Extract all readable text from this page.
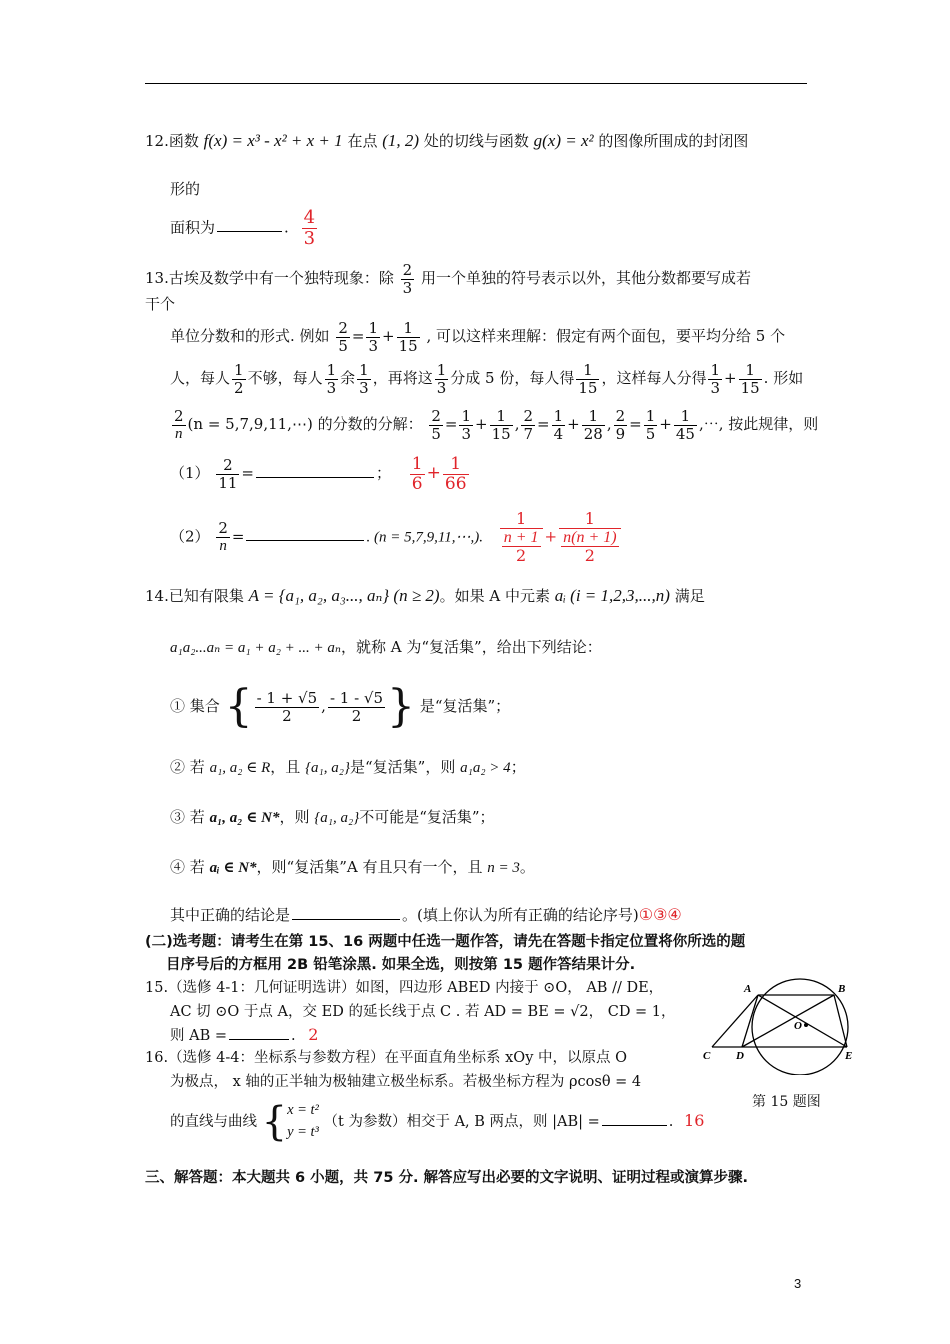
12.函数 f(x) = x³ - x² + x + 1 在点 (1, 2) 处的切线与函数 g(x) = x² 的图像所围成的封闭图
形的
面积为	. $\frac{4}{3}$
13.古埃及数学中有一个独特现象：除 $\frac{2}{3}$ 用一个单独的符号表示以外，其他分数都要写成若
干个
单位分数和的形式. 例如 $\frac{2}{5} = \frac{1}{3} + \frac{1}{15}$ , 可以这样来理解：假定有两个面包，要平均分给 5 个
人，每人 $\frac{1}{2}$ 不够，每人 $\frac{1}{3}$ 余 $\frac{1}{3}$ ，再将这 $\frac{1}{3}$ 分成 5 份，每人得 $\frac{1}{15}$ ，这样每人分得 $\frac{1}{3} + \frac{1}{15}$ . 形如
$\frac{2}{n} (n$ = 5,7,9,11,⋯) 的分数的分解： $\frac{2}{5} = \frac{1}{3} + \frac{1}{15}$ , $\frac{2}{7} = \frac{1}{4} + \frac{1}{28}$ , $\frac{2}{9} = \frac{1}{5} + \frac{1}{45}$ ,⋯, 按此规律，则
$(1) \frac{2}{11}$ =	； $\frac{1}{6} + \frac{1}{66}$
$(2) \frac{2}{n}$ =	. (n = 5,7,9,11,⋯,). $\frac{1}{\frac{n + 1}{2}} + \frac{1}{\frac{n(n + 1)}{2}}$
14.已知有限集 A = {a₁, a₂, a₃..., aₙ} (n ≥ 2)。如果 A 中元素 aᵢ (i = 1,2,3,...,n) 满足
a₁a₂...aₙ = a₁ + a₂ + ... + aₙ，就称 A 为“复活集”，给出下列结论：
① 集合 { $\frac{- 1 + √5}{2}$ , $\frac{- 1 - √5}{2}$ } 是“复活集”；
② 若 a₁, a₂ ∈ R，且 {a₁, a₂}是“复活集”，则 a₁a₂ > 4；
③ 若 a₁, a₂ ∈ N*，则 {a₁, a₂}不可能是“复活集”；
④ 若 aᵢ ∈ N*，则“复活集”A 有且只有一个，且 n = 3。
其中正确的结论是	。(填上你认为所有正确的结论序号)①③④
(二)选考题：请考生在第 15、16 两题中任选一题作答，请先在答题卡指定位置将你所选的题
目序号后的方框用 2B 铅笔涂黑. 如果全选，则按第 15 题作答结果计分.
15.（选修 4-1：几何证明选讲）如图，四边形 ABED 内接于 ⊙O， AB // DE，
AC 切 ⊙O 于点 A，交 ED 的延长线于点 C . 若 AD = BE = √2， CD = 1，
则 AB =	. 2
A	B
C D	E
O
第 15 题图
16.（选修 4-4：坐标系与参数方程）在平面直角坐标系 xOy 中，以原点 O
为极点， x 轴的正半轴为极轴建立极坐标系。若极坐标方程为 ρcosθ = 4
的直线与曲线 { x = t²
y = t³
（t 为参数）相交于 A, B 两点，则 |AB| =	. 16
三、解答题：本大题共 6 小题，共 75 分. 解答应写出必要的文字说明、证明过程或演算步骤.
3
